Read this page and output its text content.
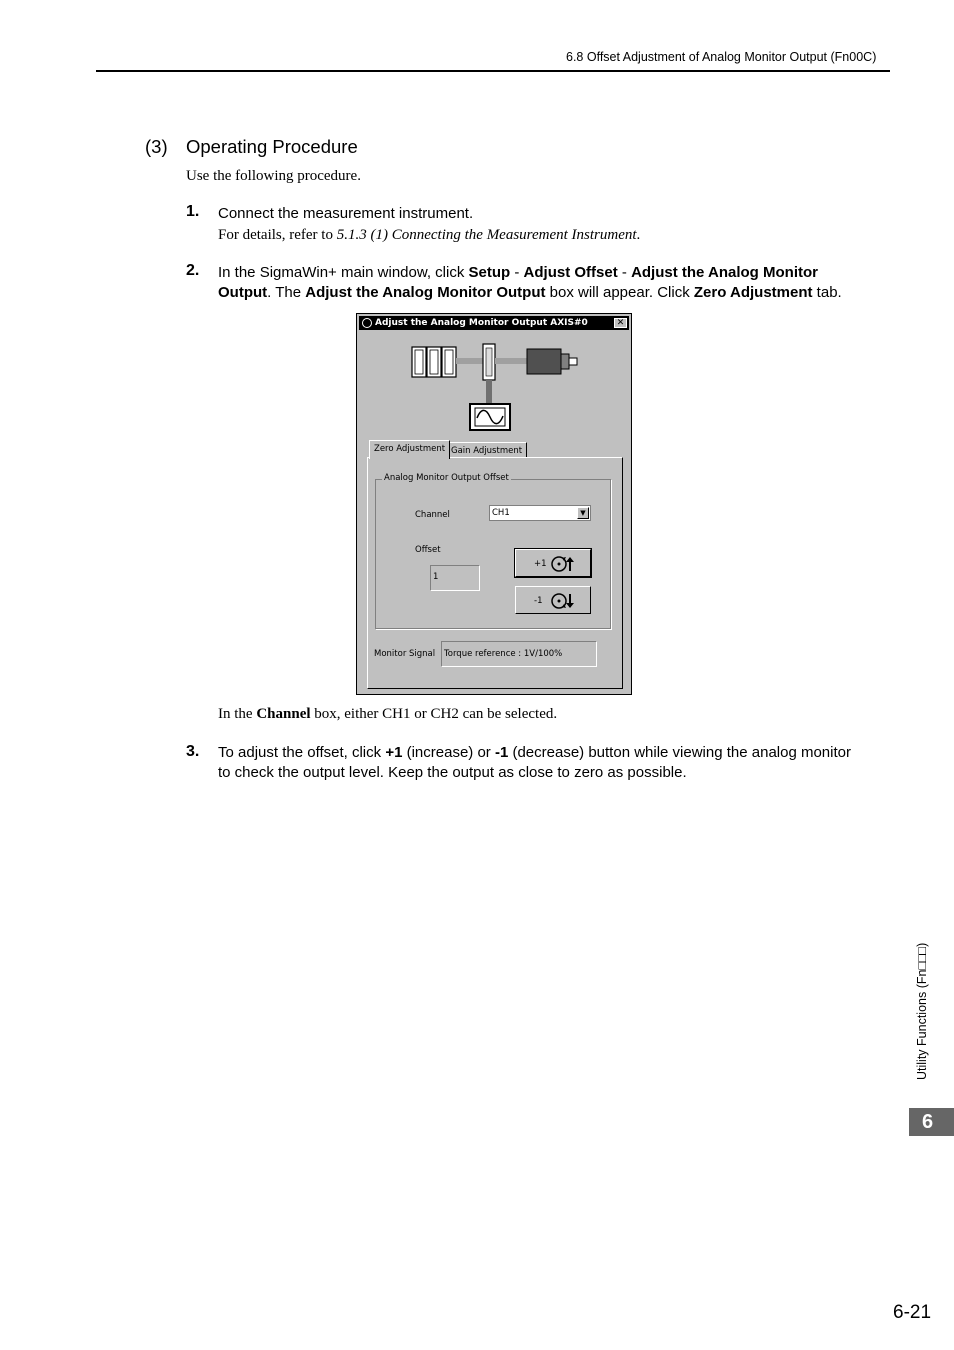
6.8 Offset Adjustment of Analog Monitor Output (Fn00C)
(3) Operating Procedure
Use the following procedure.
1. Connect the measurement instrument.
For details, refer to 5.1.3 (1) Connecting the Measurement Instrument.
2. In the SigmaWin+ main window, click Setup - Adjust Offset - Adjust the Analog Monitor
Output. The Adjust the Analog Monitor Output box will appear. Click Zero Adjustment tab.
Adjust the Analog Monitor Output AXIS#0	✕
Zero Adjustment Gain Adjustment
Analog Monitor Output Offset
Channel	CH1	▼
Offset
1
+1
-1
Monitor Signal Torque reference : 1V/100%
In the Channel box, either CH1 or CH2 can be selected.
3. To adjust the offset, click +1 (increase) or -1 (decrease) button while viewing the analog monitor
to check the output level. Keep the output as close to zero as possible.
Utility Functions (Fn□□□)
6
6-21
